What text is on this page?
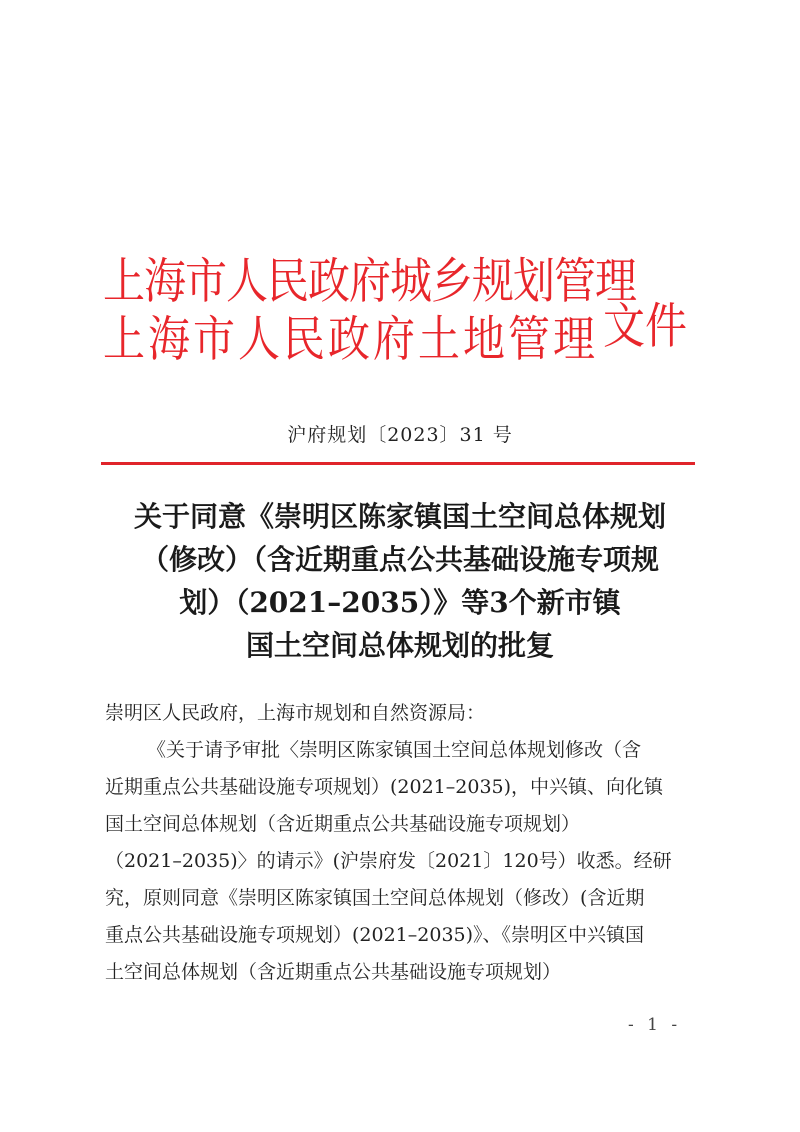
上海市人民政府城乡规划管理
上海市人民政府土地管理 文件
沪府规划〔2023〕31 号
关于同意《崇明区陈家镇国土空间总体规划
（修改）（含近期重点公共基础设施专项规
划）（2021–2035）》等3个新市镇
国土空间总体规划的批复
崇明区人民政府，上海市规划和自然资源局：
《关于请予审批〈崇明区陈家镇国土空间总体规划修改（含
近期重点公共基础设施专项规划）(2021–2035)，中兴镇、向化镇
国土空间总体规划（含近期重点公共基础设施专项规划）
（2021–2035)〉的请示》(沪崇府发〔2021〕120号）收悉。经研
究，原则同意《崇明区陈家镇国土空间总体规划（修改）(含近期
重点公共基础设施专项规划）(2021–2035)》、《崇明区中兴镇国
土空间总体规划（含近期重点公共基础设施专项规划）
- 1 -
